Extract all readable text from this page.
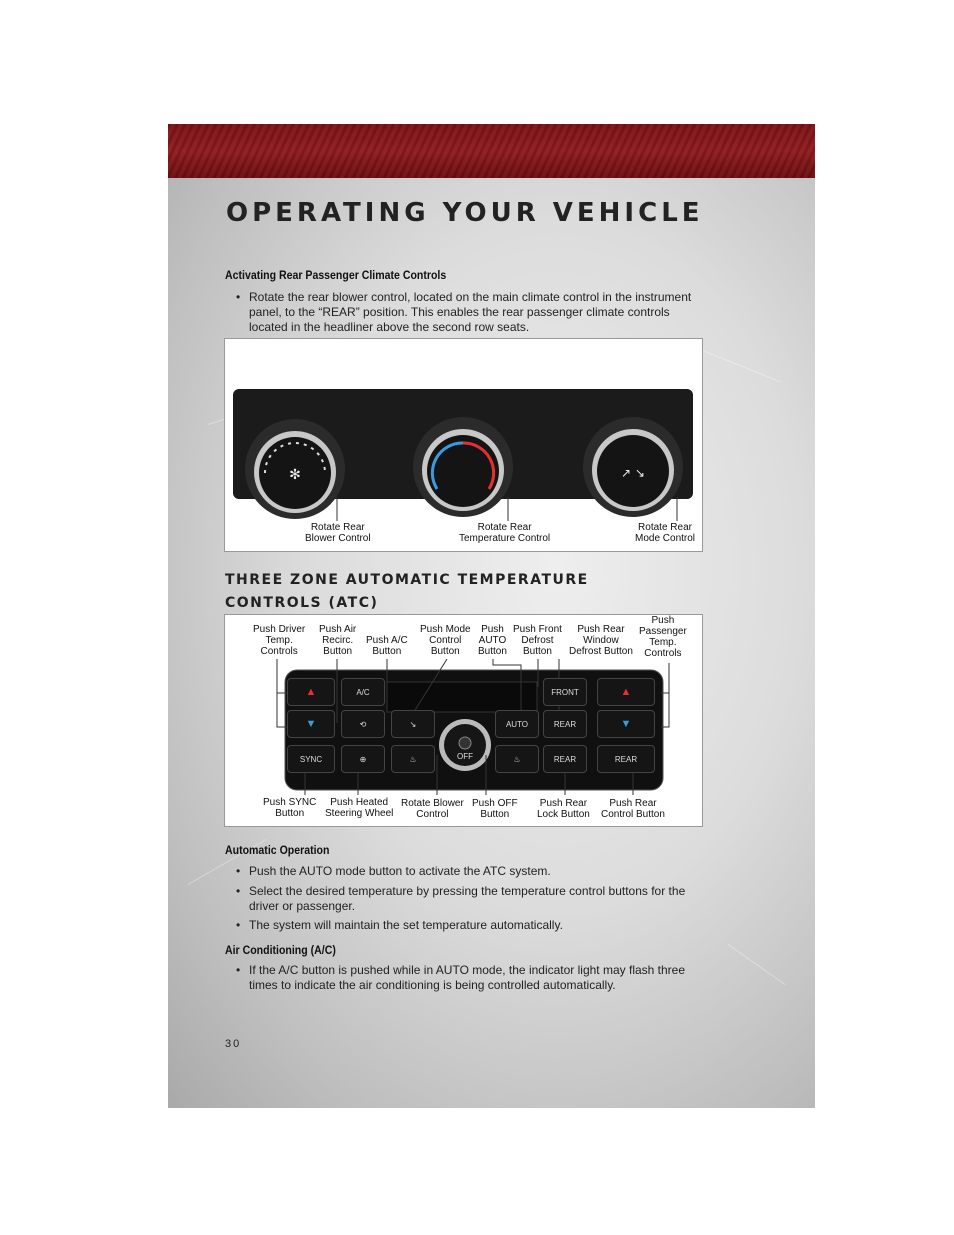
OPERATING YOUR VEHICLE
Activating Rear Passenger Climate Controls
• Rotate the rear blower control, located on the main climate control in the instrument panel, to the “REAR” position. This enables the rear passenger climate controls located in the headliner above the second row seats.
✻	↗ ↘
Rotate Rear
Blower Control
Rotate Rear
Temperature Control
Rotate Rear
Mode Control
THREE ZONE AUTOMATIC TEMPERATURE
CONTROLS (ATC)
Push Driver
Temp.
Controls
Push Air
Recirc.
Button
Push A/C
Button
Push Mode
Control
Button
Push
AUTO
Button
Push Front
Defrost
Button
Push Rear
Window
Defrost Button
Push
Passenger
Temp.
Controls
▲
▼
SYNC
A/C
⟲
⊕
↘
♨	OFF
AUTO
♨
FRONT
REAR
REAR	REAR
▲
▼
Push SYNC
Button
Push Heated
Steering Wheel
Rotate Blower
Control
Push OFF
Button
Push Rear
Lock Button
Push Rear
Control Button
Automatic Operation
• Push the AUTO mode button to activate the ATC system.
• Select the desired temperature by pressing the temperature control buttons for the driver or passenger.
• The system will maintain the set temperature automatically.
Air Conditioning (A/C)
• If the A/C button is pushed while in AUTO mode, the indicator light may flash three times to indicate the air conditioning is being controlled automatically.
30
